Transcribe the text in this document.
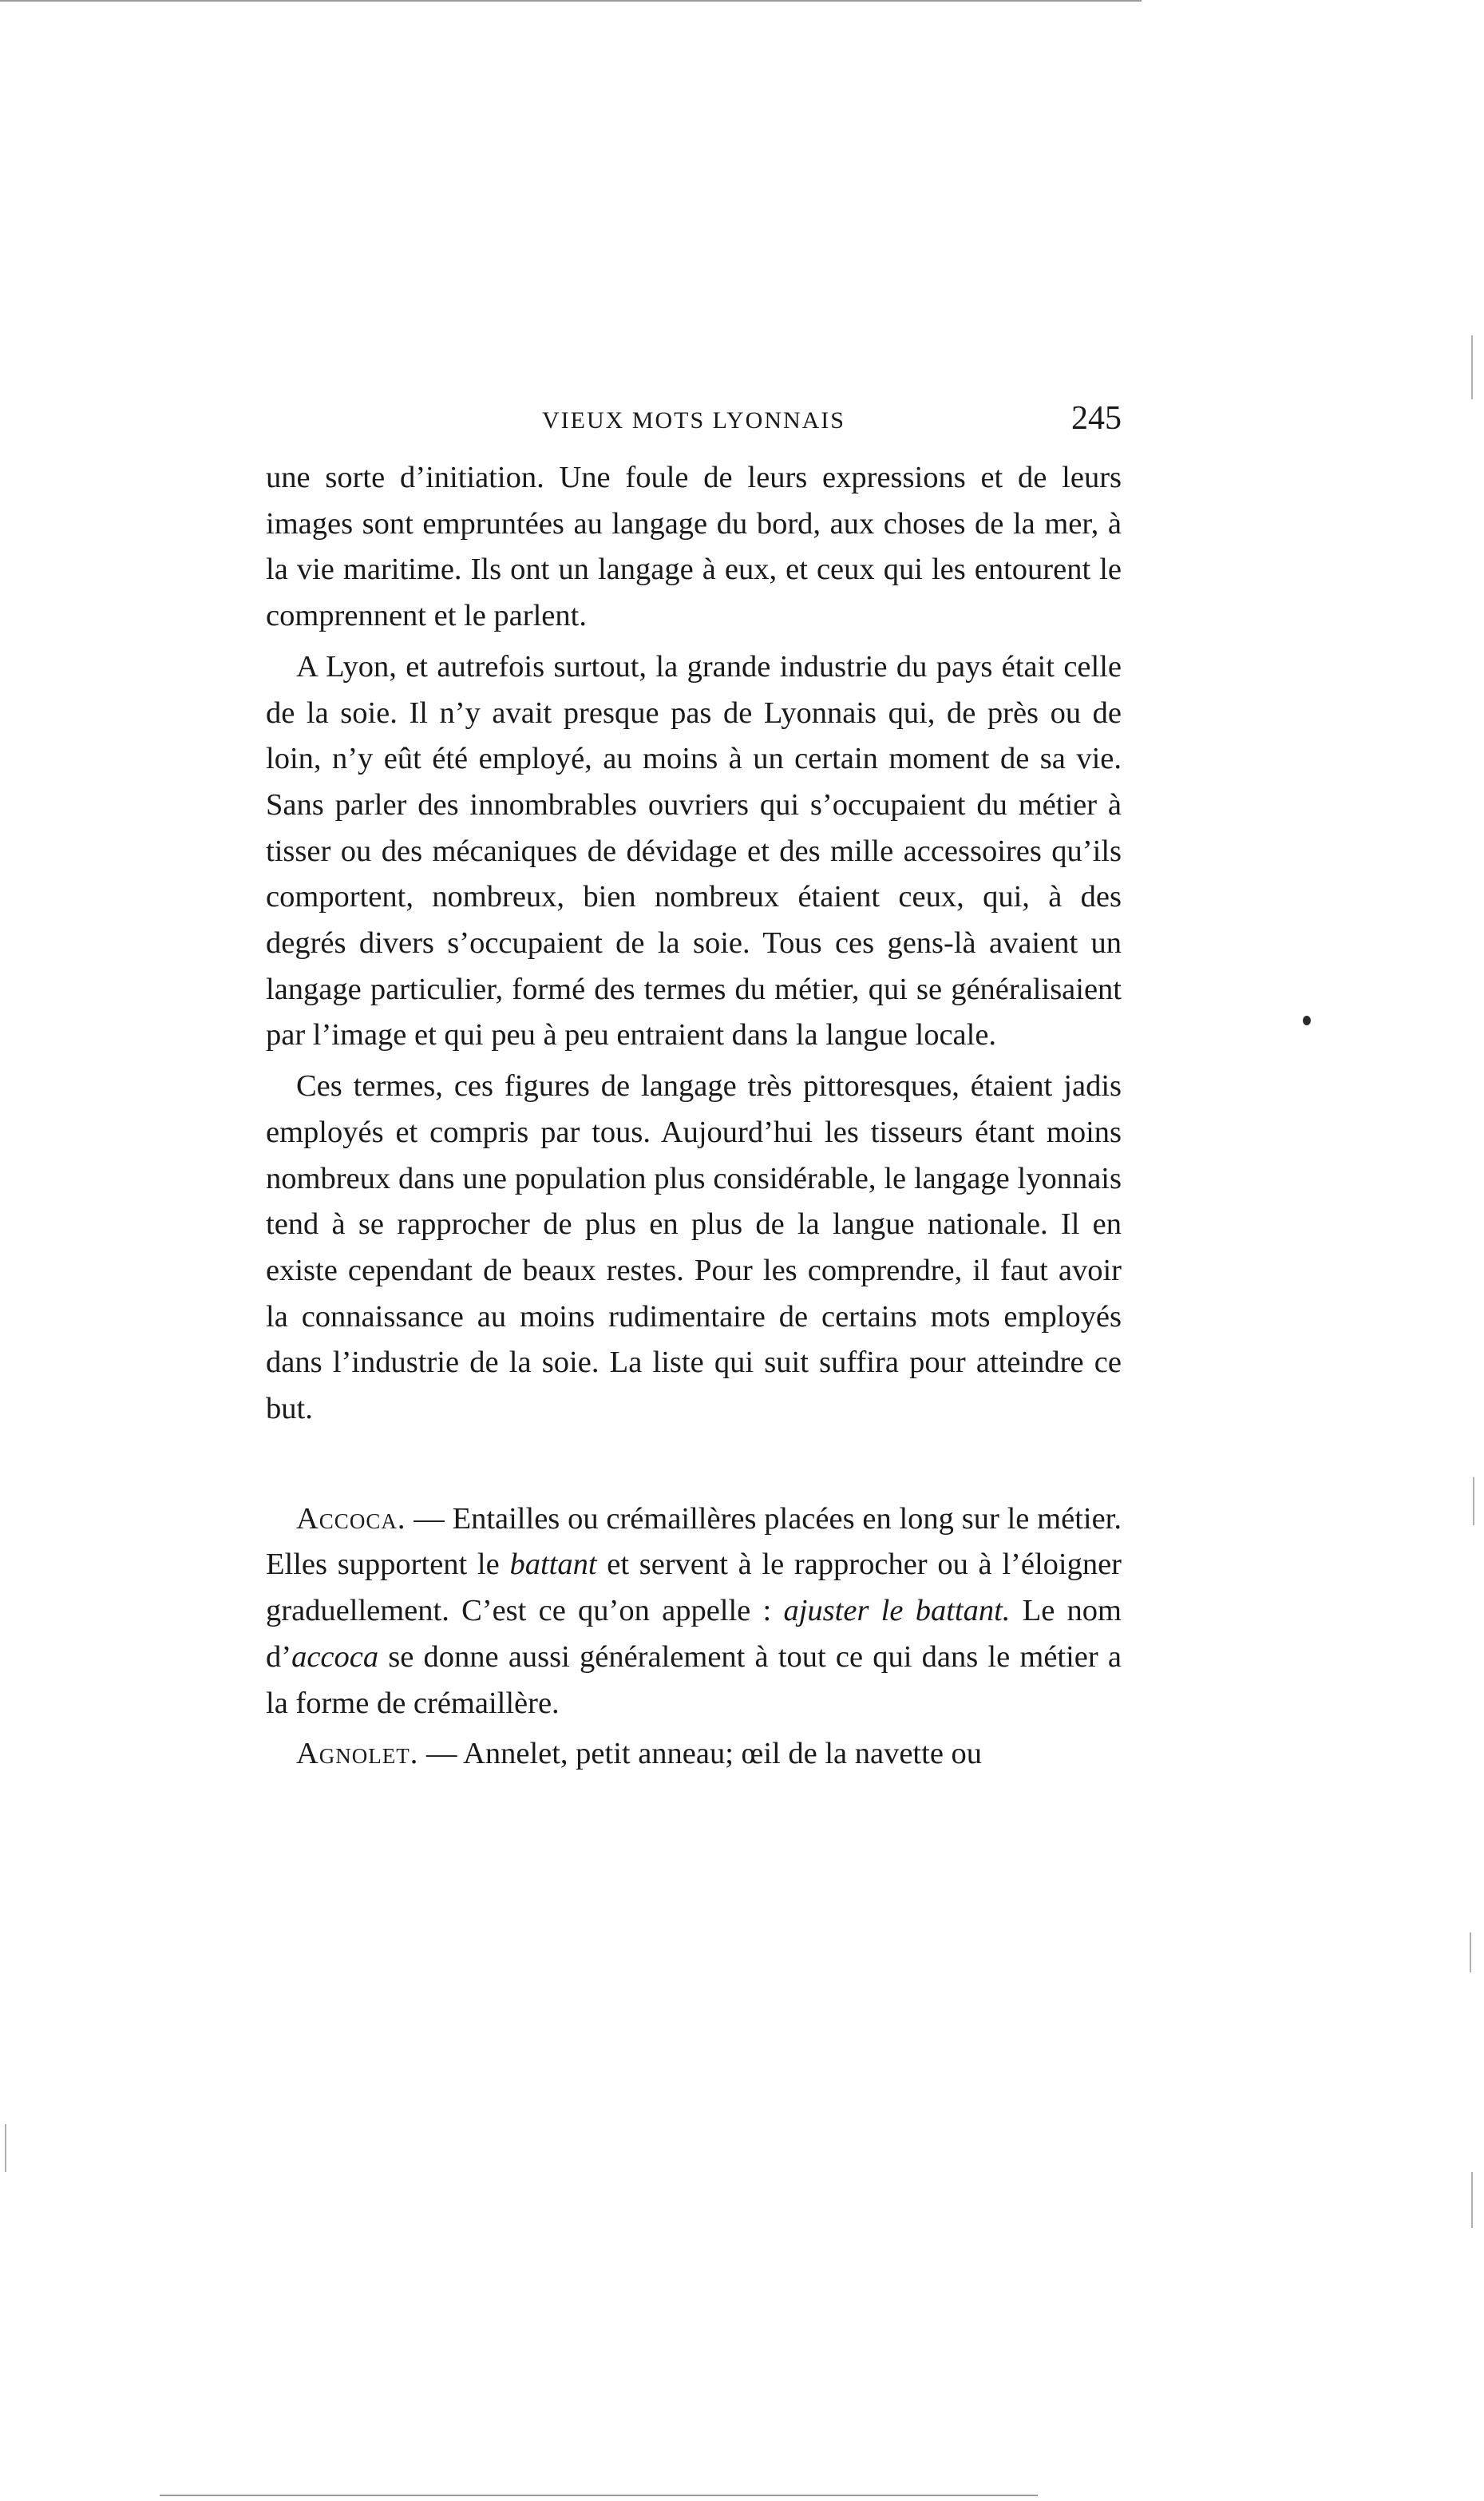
VIEUX MOTS LYONNAIS	245

une sorte d’initiation. Une foule de leurs expressions et de leurs images sont empruntées au langage du bord, aux choses de la mer, à la vie maritime. Ils ont un langage à eux, et ceux qui les entourent le comprennent et le parlent.

A Lyon, et autrefois surtout, la grande industrie du pays était celle de la soie. Il n’y avait presque pas de Lyonnais qui, de près ou de loin, n’y eût été employé, au moins à un certain moment de sa vie. Sans parler des innombrables ouvriers qui s’occupaient du métier à tisser ou des mécaniques de dévidage et des mille accessoires qu’ils comportent, nombreux, bien nombreux étaient ceux, qui, à des degrés divers s’occupaient de la soie. Tous ces gens-là avaient un langage particulier, formé des termes du métier, qui se généralisaient par l’image et qui peu à peu entraient dans la langue locale.

Ces termes, ces figures de langage très pittoresques, étaient jadis employés et compris par tous. Aujourd’hui les tisseurs étant moins nombreux dans une population plus considérable, le langage lyonnais tend à se rapprocher de plus en plus de la langue nationale. Il en existe cependant de beaux restes. Pour les comprendre, il faut avoir la connaissance au moins rudimentaire de certains mots employés dans l’industrie de la soie. La liste qui suit suffira pour atteindre ce but.

Accoca. — Entailles ou crémaillères placées en long sur le métier. Elles supportent le battant et servent à le rapprocher ou à l’éloigner graduellement. C’est ce qu’on appelle : ajuster le battant. Le nom d’accoca se donne aussi généralement à tout ce qui dans le métier a la forme de crémaillère.

Agnolet. — Annelet, petit anneau; œil de la navette ou
